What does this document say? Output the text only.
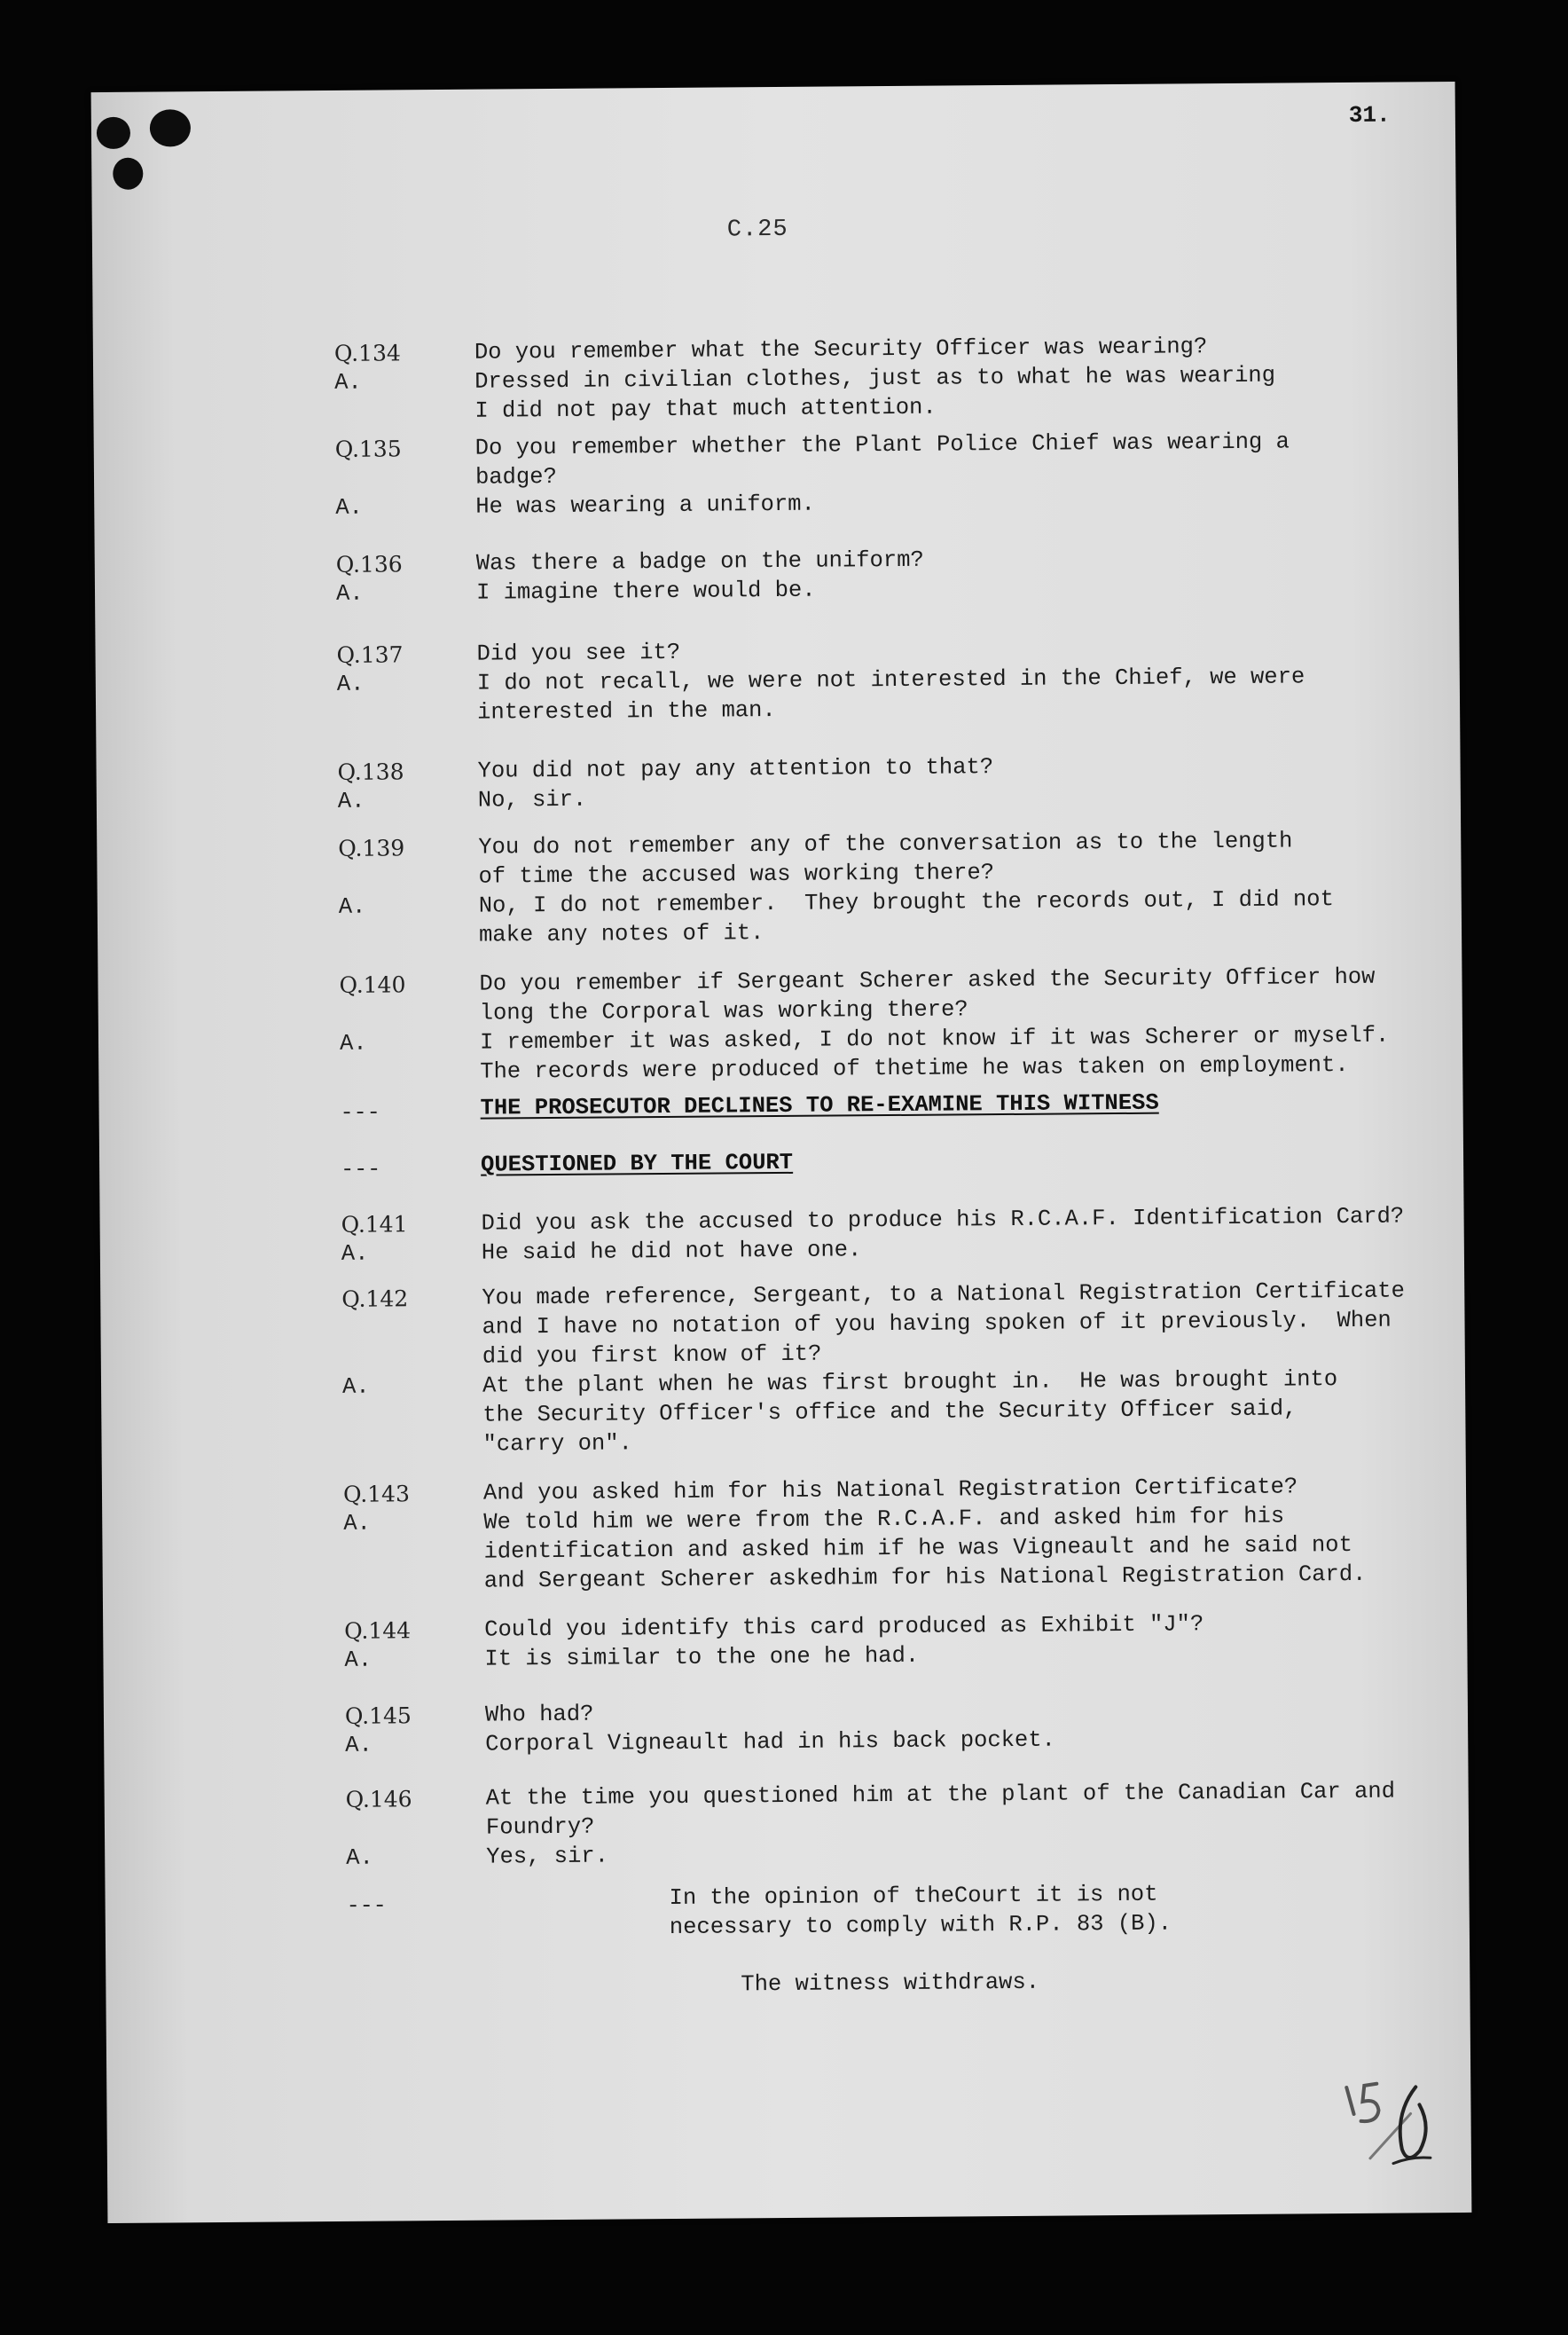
31.
C.25
Q.134	Do you remember what the Security Officer was wearing?
A.	Dressed in civilian clothes, just as to what he was wearing
I did not pay that much attention.
Q.135	Do you remember whether the Plant Police Chief was wearing a
badge?
A.	He was wearing a uniform.
Q.136	Was there a badge on the uniform?
A.	I imagine there would be.
Q.137	Did you see it?
A.	I do not recall, we were not interested in the Chief, we were
interested in the man.
Q.138	You did not pay any attention to that?
A.	No, sir.
Q.139	You do not remember any of the conversation as to the length
of time the accused was working there?
A.	No, I do not remember.  They brought the records out, I did not
make any notes of it.
Q.140	Do you remember if Sergeant Scherer asked the Security Officer how
long the Corporal was working there?
A.	I remember it was asked, I do not know if it was Scherer or myself.
The records were produced of thetime he was taken on employment.
---	THE PROSECUTOR DECLINES TO RE-EXAMINE THIS WITNESS
---	QUESTIONED BY THE COURT
Q.141	Did you ask the accused to produce his R.C.A.F. Identification Card?
A.	He said he did not have one.
Q.142	You made reference, Sergeant, to a National Registration Certificate
and I have no notation of you having spoken of it previously.  When
did you first know of it?
A.	At the plant when he was first brought in.  He was brought into
the Security Officer's office and the Security Officer said,
"carry on".
Q.143	And you asked him for his National Registration Certificate?
A.	We told him we were from the R.C.A.F. and asked him for his
identification and asked him if he was Vigneault and he said not
and Sergeant Scherer askedhim for his National Registration Card.
Q.144	Could you identify this card produced as Exhibit "J"?
A.	It is similar to the one he had.
Q.145	Who had?
A.	Corporal Vigneault had in his back pocket.
Q.146	At the time you questioned him at the plant of the Canadian Car and
Foundry?
A.	Yes, sir.
---	In the opinion of theCourt it is not
necessary to comply with R.P. 83 (B).
The witness withdraws.
